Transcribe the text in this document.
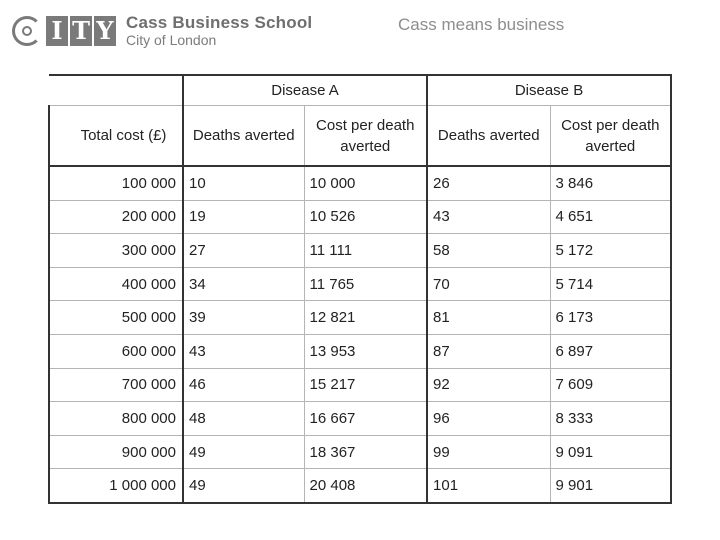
I T Y Cass Business School
City of London
Cass means business
	Disease A		Disease B	
Total cost (£)	Deaths averted	Cost per death averted	Deaths averted	Cost per death averted
100 000	10	10 000	26	3 846
200 000	19	10 526	43	4 651
300 000	27	11 111	58	5 172
400 000	34	11 765	70	5 714
500 000	39	12 821	81	6 173
600 000	43	13 953	87	6 897
700 000	46	15 217	92	7 609
800 000	48	16 667	96	8 333
900 000	49	18 367	99	9 091
1 000 000	49	20 408	101	9 901
